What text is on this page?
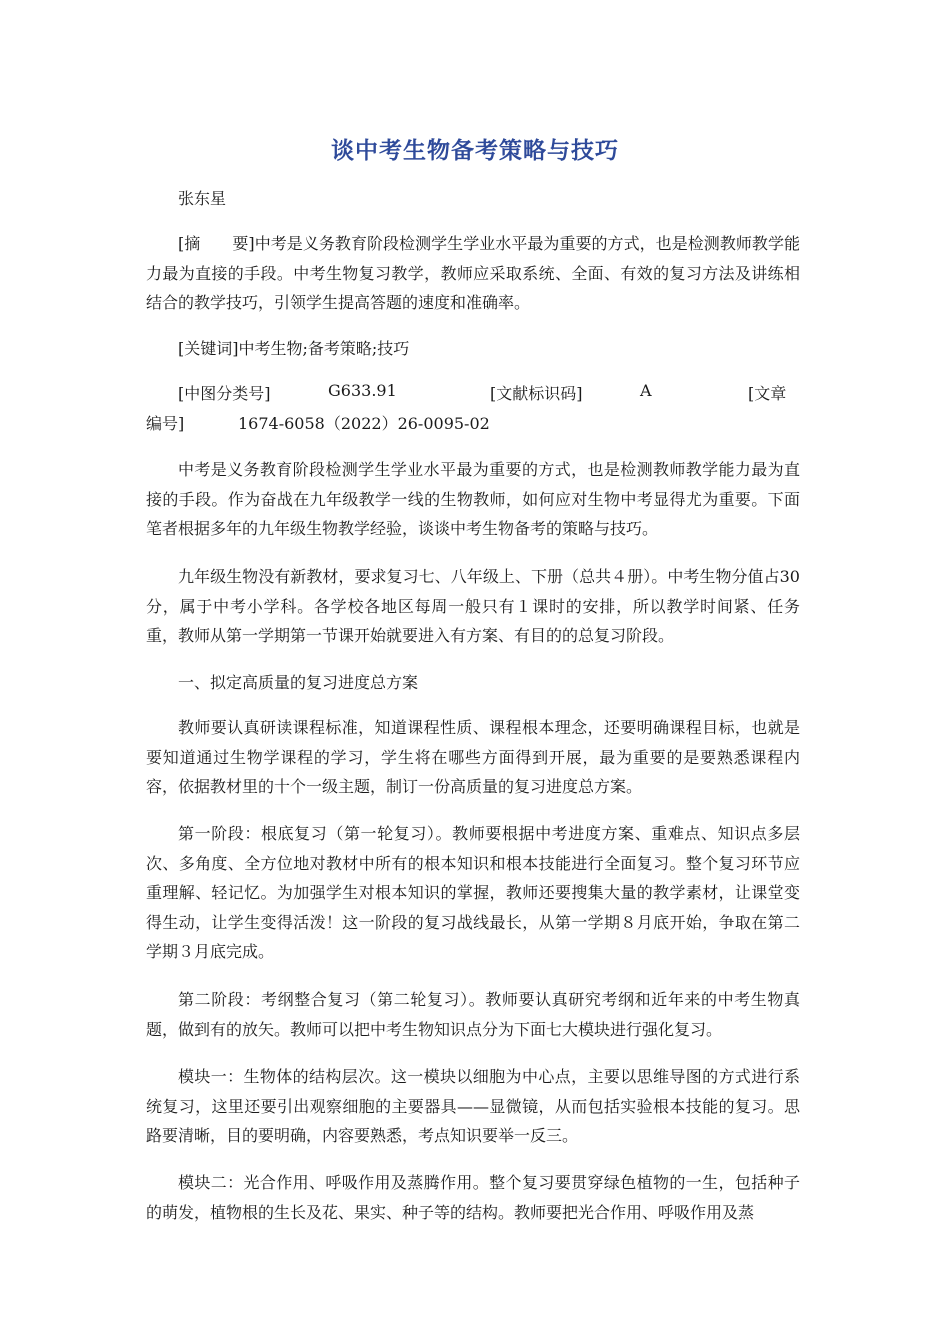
谈中考生物备考策略与技巧
张东星
[摘　　要]中考是义务教育阶段检测学生学业水平最为重要的方式，也是检测教师教学能力最为直接的手段。中考生物复习教学，教师应采取系统、全面、有效的复习方法及讲练相结合的教学技巧，引领学生提高答题的速度和准确率。
[关键词]中考生物;备考策略;技巧
[中图分类号]	G633.91	[文献标识码]	A	[文章
编号]	1674-6058（2022）26-0095-02
中考是义务教育阶段检测学生学业水平最为重要的方式，也是检测教师教学能力最为直接的手段。作为奋战在九年级教学一线的生物教师，如何应对生物中考显得尤为重要。下面笔者根据多年的九年级生物教学经验，谈谈中考生物备考的策略与技巧。
九年级生物没有新教材，要求复习七、八年级上、下册（总共４册）。中考生物分值占30分，属于中考小学科。各学校各地区每周一般只有１课时的安排，所以教学时间紧、任务重，教师从第一学期第一节课开始就要进入有方案、有目的的总复习阶段。
一、拟定高质量的复习进度总方案
教师要认真研读课程标准，知道课程性质、课程根本理念，还要明确课程目标，也就是要知道通过生物学课程的学习，学生将在哪些方面得到开展，最为重要的是要熟悉课程内容，依据教材里的十个一级主题，制订一份高质量的复习进度总方案。
第一阶段：根底复习（第一轮复习）。教师要根据中考进度方案、重难点、知识点多层次、多角度、全方位地对教材中所有的根本知识和根本技能进行全面复习。整个复习环节应重理解、轻记忆。为加强学生对根本知识的掌握，教师还要搜集大量的教学素材，让课堂变得生动，让学生变得活泼！这一阶段的复习战线最长，从第一学期８月底开始，争取在第二学期３月底完成。
第二阶段：考纲整合复习（第二轮复习）。教师要认真研究考纲和近年来的中考生物真题，做到有的放矢。教师可以把中考生物知识点分为下面七大模块进行强化复习。
模块一：生物体的结构层次。这一模块以细胞为中心点，主要以思维导图的方式进行系统复习，这里还要引出观察细胞的主要器具——显微镜，从而包括实验根本技能的复习。思路要清晰，目的要明确，内容要熟悉，考点知识要举一反三。
模块二：光合作用、呼吸作用及蒸腾作用。整个复习要贯穿绿色植物的一生，包括种子的萌发，植物根的生长及花、果实、种子等的结构。教师要把光合作用、呼吸作用及蒸
